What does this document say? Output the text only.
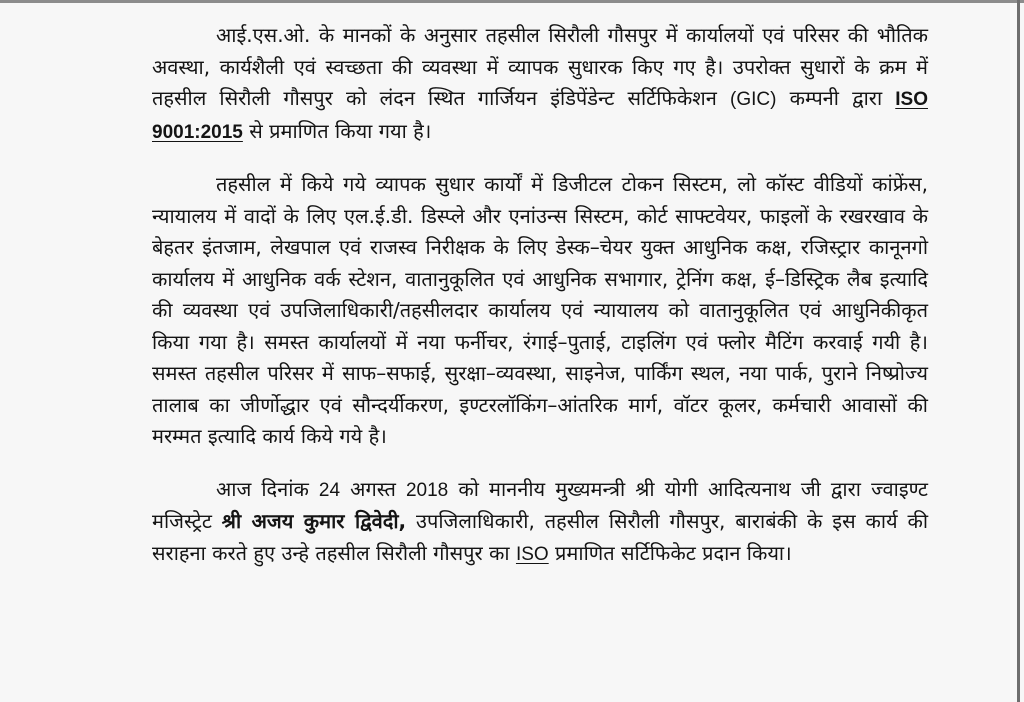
आई.एस.ओ. के मानकों के अनुसार तहसील सिरौली गौसपुर में कार्यालयों एवं परिसर की भौतिक अवस्था, कार्यशैली एवं स्वच्छता की व्यवस्था में व्यापक सुधारक किए गए है। उपरोक्त सुधारों के क्रम में तहसील सिरौली गौसपुर को लंदन स्थित गार्जियन इंडिपेंडेन्ट सर्टिफिकेशन (GIC) कम्पनी द्वारा ISO 9001:2015 से प्रमाणित किया गया है।

तहसील में किये गये व्यापक सुधार कार्यों में डिजीटल टोकन सिस्टम, लो कॉस्ट वीडियों कांफ्रेंस, न्यायालय में वादों के लिए एल.ई.डी. डिस्प्ले और एनांउन्स सिस्टम, कोर्ट साफ्टवेयर, फाइलों के रखरखाव के बेहतर इंतजाम, लेखपाल एवं राजस्व निरीक्षक के लिए डेस्क–चेयर युक्त आधुनिक कक्ष, रजिस्ट्रार कानूनगो कार्यालय में आधुनिक वर्क स्टेशन, वातानुकूलित एवं आधुनिक सभागार, ट्रेनिंग कक्ष, ई–डिस्ट्रिक लैब इत्यादि की व्यवस्था एवं उपजिलाधिकारी/तहसीलदार कार्यालय एवं न्यायालय को वातानुकूलित एवं आधुनिकीकृत किया गया है। समस्त कार्यालयों में नया फर्नीचर, रंगाई–पुताई, टाइलिंग एवं फ्लोर मैटिंग करवाई गयी है। समस्त तहसील परिसर में साफ–सफाई, सुरक्षा–व्यवस्था, साइनेज, पार्किंग स्थल, नया पार्क, पुराने निष्प्रोज्य तालाब का जीर्णोद्धार एवं सौन्दर्यीकरण, इण्टरलॉकिंग–आंतरिक मार्ग, वॉटर कूलर, कर्मचारी आवासों की मरम्मत इत्यादि कार्य किये गये है।

आज दिनांक 24 अगस्त 2018 को माननीय मुख्यमन्त्री श्री योगी आदित्यनाथ जी द्वारा ज्वाइण्ट मजिस्ट्रेट श्री अजय कुमार द्विवेदी, उपजिलाधिकारी, तहसील सिरौली गौसपुर, बाराबंकी के इस कार्य की सराहना करते हुए उन्हे तहसील सिरौली गौसपुर का ISO प्रमाणित सर्टिफिकेट प्रदान किया।
